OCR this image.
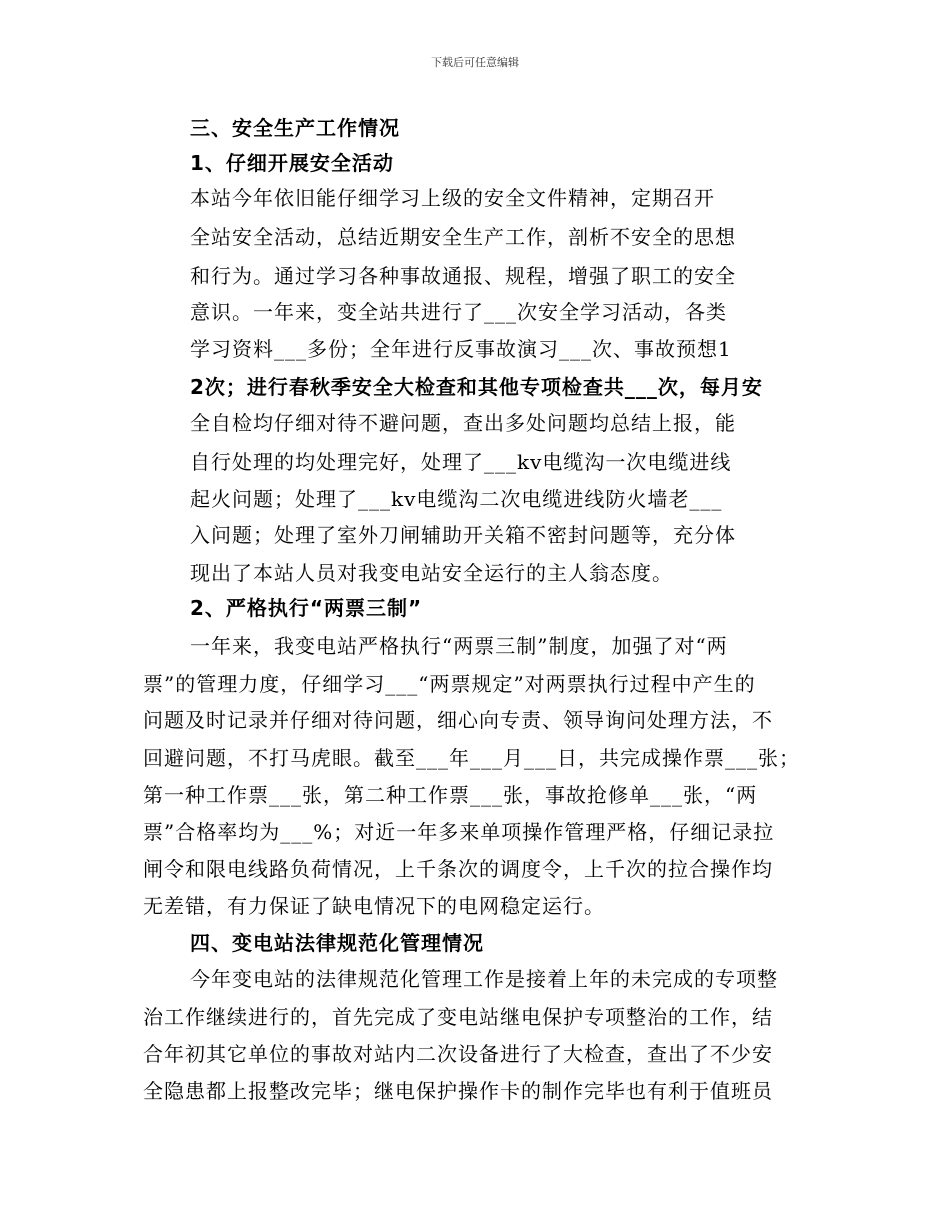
下载后可任意编辑
三、安全生产工作情况
1、仔细开展安全活动
本站今年依旧能仔细学习上级的安全文件精神，定期召开
全站安全活动，总结近期安全生产工作，剖析不安全的思想
和行为。通过学习各种事故通报、规程，增强了职工的安全
意识。一年来，变全站共进行了___次安全学习活动，各类
学习资料___多份；全年进行反事故演习___次、事故预想1
2次；进行春秋季安全大检查和其他专项检查共___次，每月安
全自检均仔细对待不避问题，查出多处问题均总结上报，能
自行处理的均处理完好，处理了___kv电缆沟一次电缆进线
起火问题；处理了___kv电缆沟二次电缆进线防火墙老___
入问题；处理了室外刀闸辅助开关箱不密封问题等，充分体
现出了本站人员对我变电站安全运行的主人翁态度。
2、严格执行“两票三制”
一年来，我变电站严格执行“两票三制”制度，加强了对“两
票”的管理力度，仔细学习___“两票规定”对两票执行过程中产生的
问题及时记录并仔细对待问题，细心向专责、领导询问处理方法，不
回避问题，不打马虎眼。截至___年___月___日，共完成操作票___张；
第一种工作票___张，第二种工作票___张，事故抢修单___张，“两
票”合格率均为___%；对近一年多来单项操作管理严格，仔细记录拉
闸令和限电线路负荷情况，上千条次的调度令，上千次的拉合操作均
无差错，有力保证了缺电情况下的电网稳定运行。
四、变电站法律规范化管理情况
今年变电站的法律规范化管理工作是接着上年的未完成的专项整
治工作继续进行的，首先完成了变电站继电保护专项整治的工作，结
合年初其它单位的事故对站内二次设备进行了大检查，查出了不少安
全隐患都上报整改完毕；继电保护操作卡的制作完毕也有利于值班员
